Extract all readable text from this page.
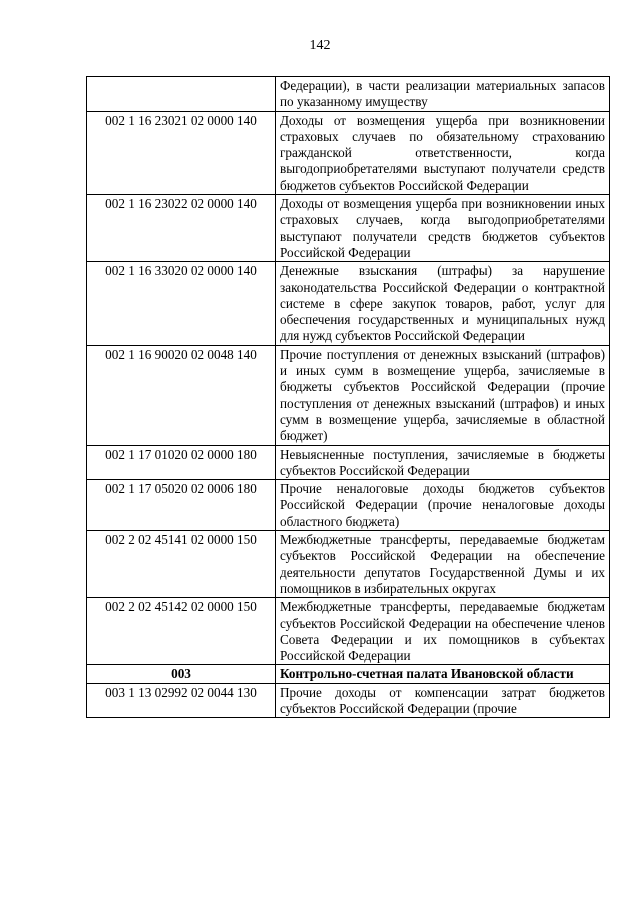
142
	Федерации), в части реализации материальных запасов по указанному имуществу
002 1 16 23021 02 0000 140	Доходы от возмещения ущерба при возникновении страховых случаев по обязательному страхованию гражданской ответственности, когда выгодоприобретателями выступают получатели средств бюджетов субъектов Российской Федерации
002 1 16 23022 02 0000 140	Доходы от возмещения ущерба при возникновении иных страховых случаев, когда выгодоприобретателями выступают получатели средств бюджетов субъектов Российской Федерации
002 1 16 33020 02 0000 140	Денежные взыскания (штрафы) за нарушение законодательства Российской Федерации о контрактной системе в сфере закупок товаров, работ, услуг для обеспечения государственных и муниципальных нужд для нужд субъектов Российской Федерации
002 1 16 90020 02 0048 140	Прочие поступления от денежных взысканий (штрафов) и иных сумм в возмещение ущерба, зачисляемые в бюджеты субъектов Российской Федерации (прочие поступления от денежных взысканий (штрафов) и иных сумм в возмещение ущерба, зачисляемые в областной бюджет)
002 1 17 01020 02 0000 180	Невыясненные поступления, зачисляемые в бюджеты субъектов Российской Федерации
002 1 17 05020 02 0006 180	Прочие неналоговые доходы бюджетов субъектов Российской Федерации (прочие неналоговые доходы областного бюджета)
002 2 02 45141 02 0000 150	Межбюджетные трансферты, передаваемые бюджетам субъектов Российской Федерации на обеспечение деятельности депутатов Государственной Думы и их помощников в избирательных округах
002 2 02 45142 02 0000 150	Межбюджетные трансферты, передаваемые бюджетам субъектов Российской Федерации на обеспечение членов Совета Федерации и их помощников в субъектах Российской Федерации
003	Контрольно-счетная палата Ивановской области
003 1 13 02992 02 0044 130	Прочие доходы от компенсации затрат бюджетов субъектов Российской Федерации (прочие
